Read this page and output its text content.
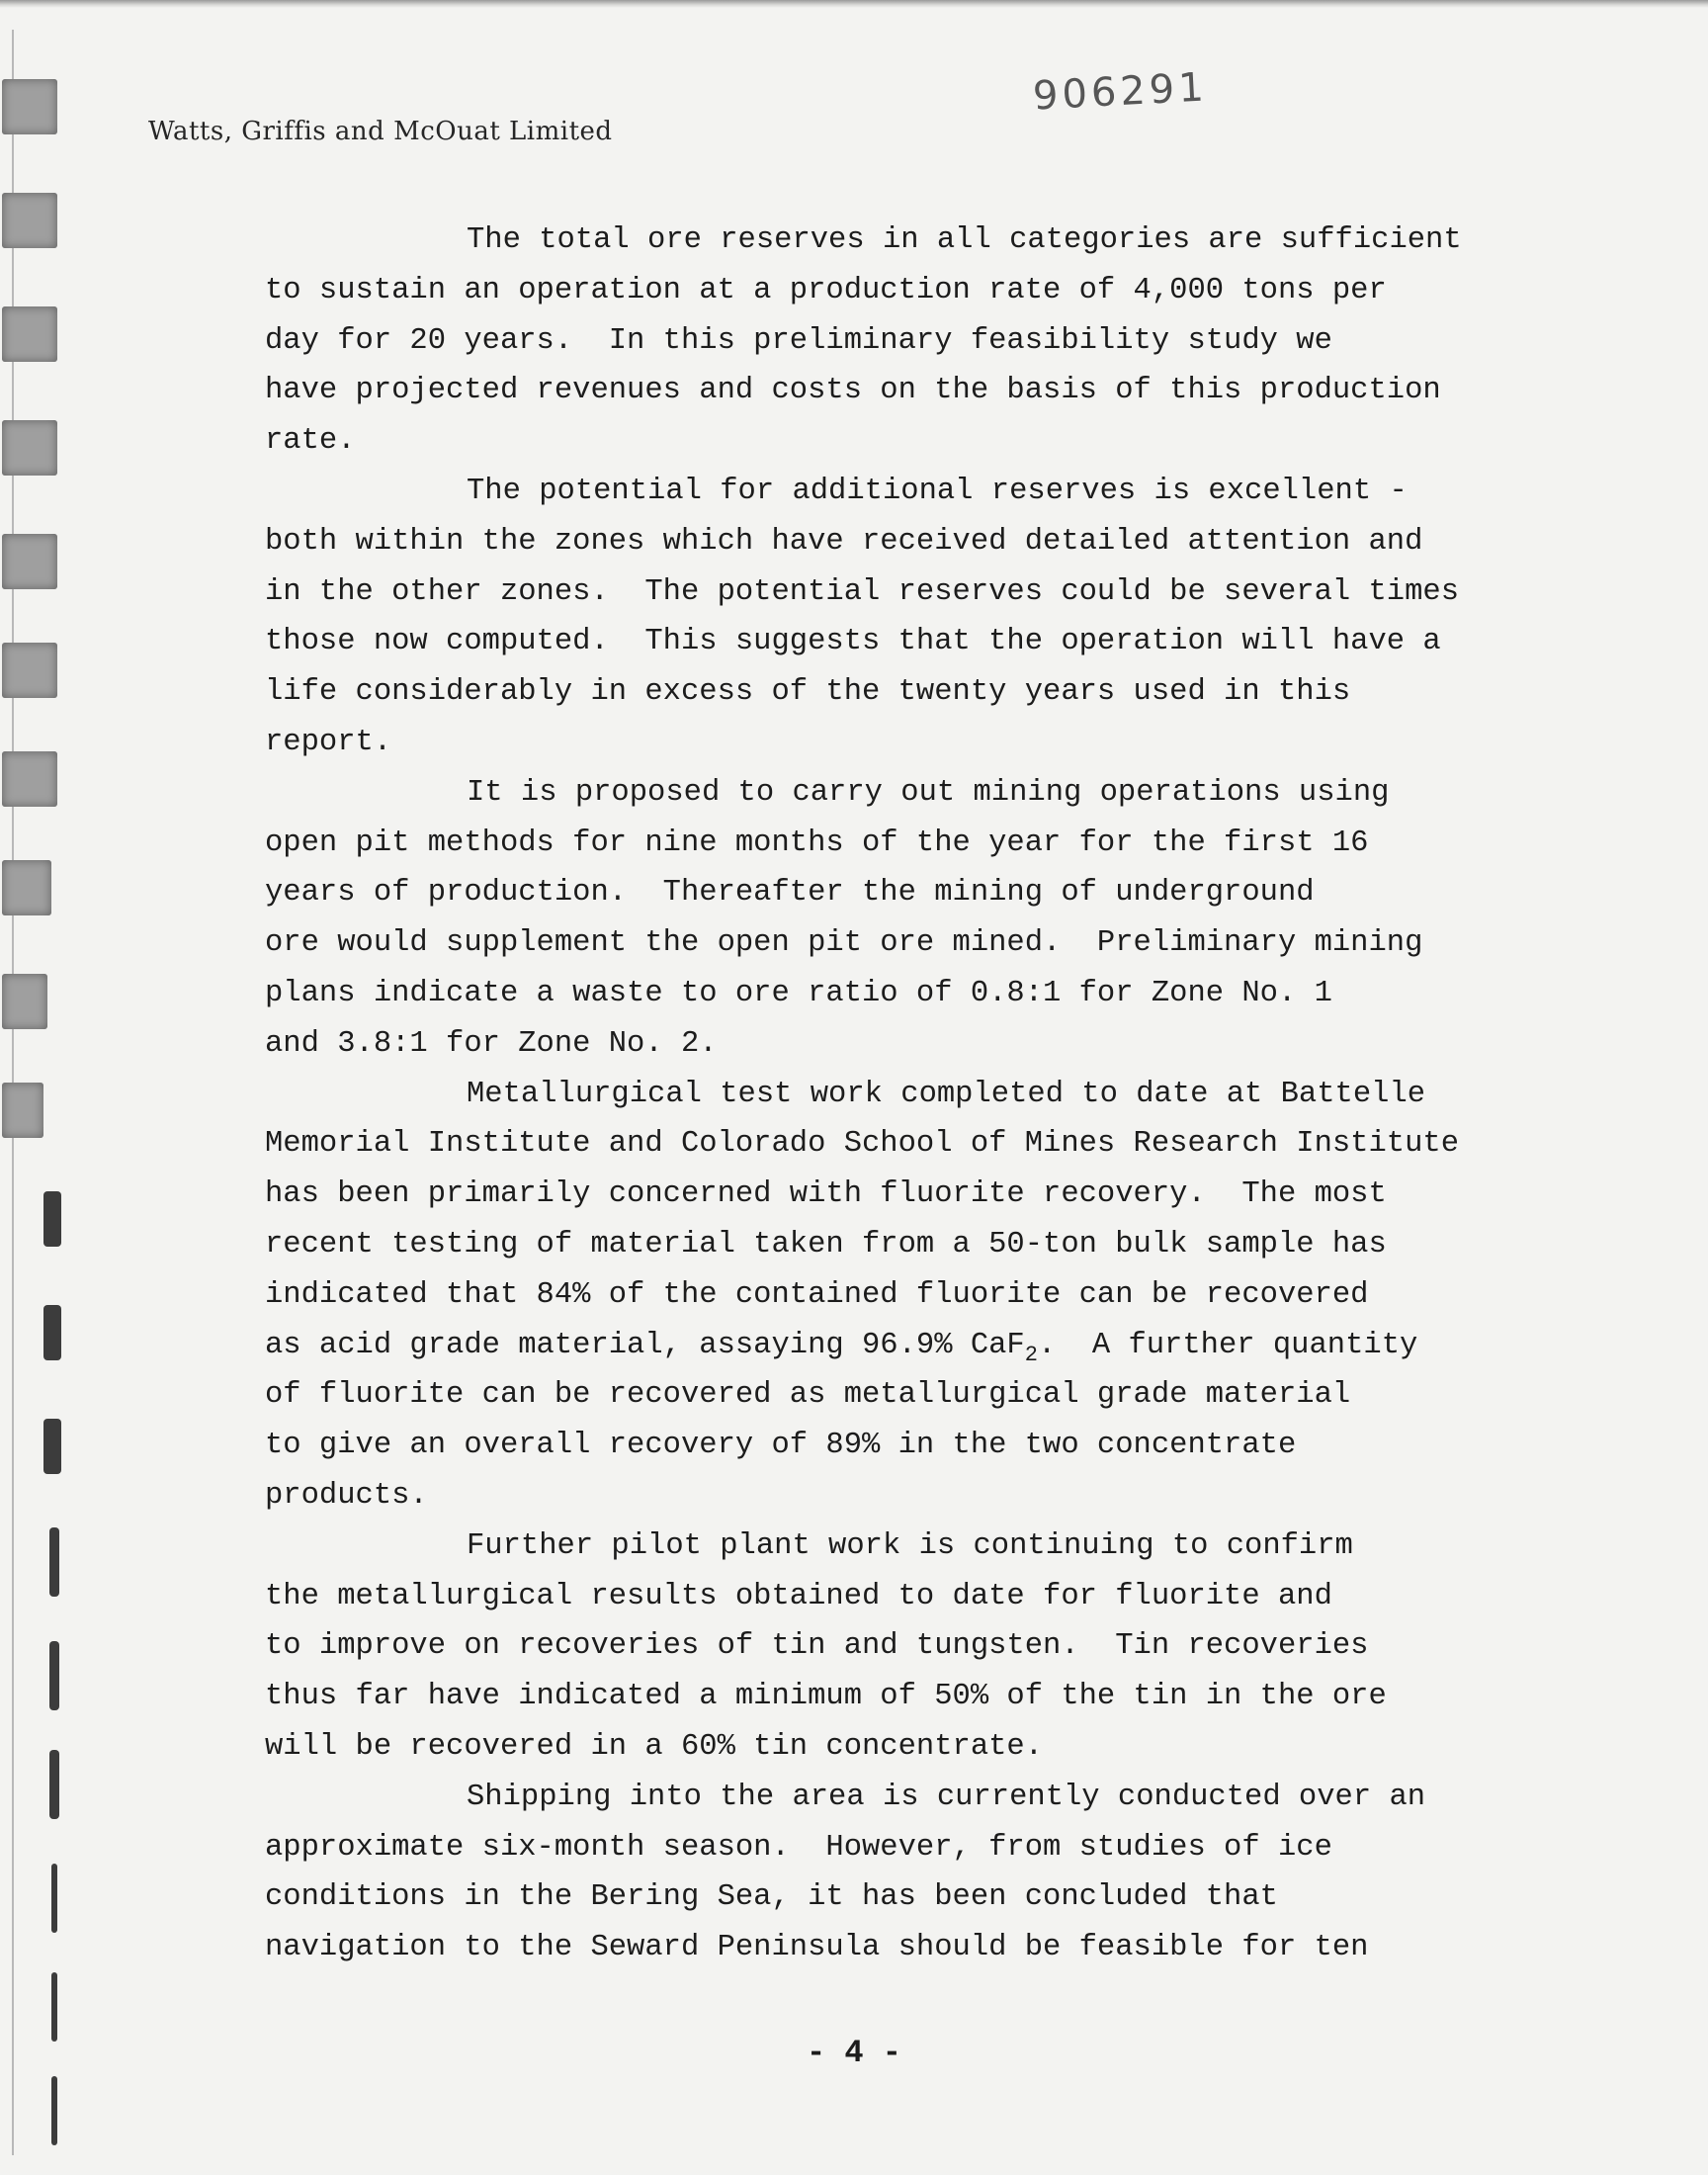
Watts, Griffis and McOuat Limited
906291
The total ore reserves in all categories are sufficient
to sustain an operation at a production rate of 4,000 tons per
day for 20 years.  In this preliminary feasibility study we
have projected revenues and costs on the basis of this production
rate.
The potential for additional reserves is excellent -
both within the zones which have received detailed attention and
in the other zones.  The potential reserves could be several times
those now computed.  This suggests that the operation will have a
life considerably in excess of the twenty years used in this
report.
It is proposed to carry out mining operations using
open pit methods for nine months of the year for the first 16
years of production.  Thereafter the mining of underground
ore would supplement the open pit ore mined.  Preliminary mining
plans indicate a waste to ore ratio of 0.8:1 for Zone No. 1
and 3.8:1 for Zone No. 2.
Metallurgical test work completed to date at Battelle
Memorial Institute and Colorado School of Mines Research Institute
has been primarily concerned with fluorite recovery.  The most
recent testing of material taken from a 50-ton bulk sample has
indicated that 84% of the contained fluorite can be recovered
as acid grade material, assaying 96.9% CaF$_2$.  A further quantity
of fluorite can be recovered as metallurgical grade material
to give an overall recovery of 89% in the two concentrate
products.
Further pilot plant work is continuing to confirm
the metallurgical results obtained to date for fluorite and
to improve on recoveries of tin and tungsten.  Tin recoveries
thus far have indicated a minimum of 50% of the tin in the ore
will be recovered in a 60% tin concentrate.
Shipping into the area is currently conducted over an
approximate six-month season.  However, from studies of ice
conditions in the Bering Sea, it has been concluded that
navigation to the Seward Peninsula should be feasible for ten
- 4 -
